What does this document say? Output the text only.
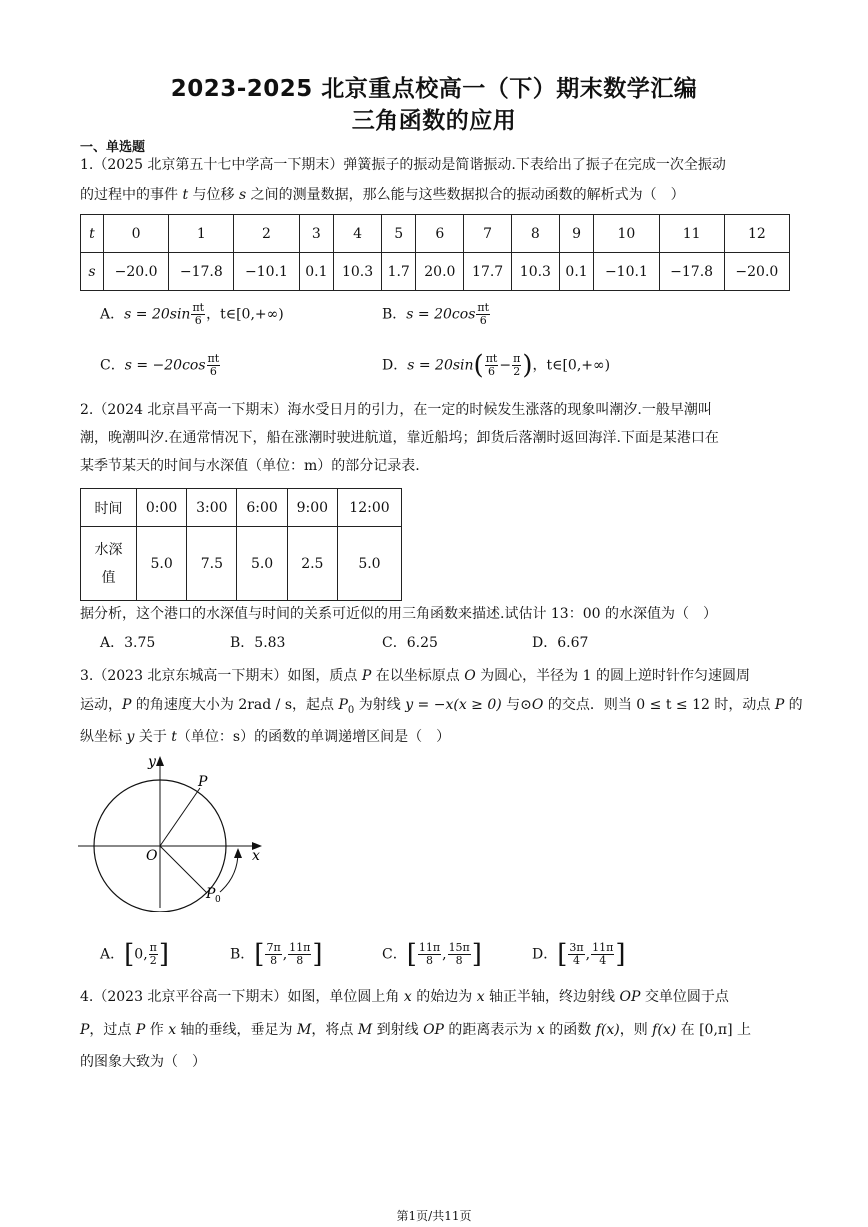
2023-2025 北京重点校高一（下）期末数学汇编
三角函数的应用
一、单选题
1.（2025 北京第五十七中学高一下期末）弹簧振子的振动是简谐振动.下表给出了振子在完成一次全振动
的过程中的事件 t 与位移 s 之间的测量数据，那么能与这些数据拟合的振动函数的解析式为（　）
t	0	1	2	3	4	5	6	7	8	9	10	11	12
s	−20.0	−17.8	−10.1	0.1	10.3	1.7	20.0	17.7	10.3	0.1	−10.1	−17.8	−20.0
A．$s = 20\sin \frac{\pi t}{6}$ ，t∈[0,+∞)	B．$s = 20\cos \frac{\pi t}{6}$
C．$s = -20\cos \frac{\pi t}{6}$	D．$s = 20\sin( \frac{\pi t}{6} - \frac{\pi}{2}$ )，t∈[0,+∞)
2.（2024 北京昌平高一下期末）海水受日月的引力，在一定的时候发生涨落的现象叫潮汐.一般早潮叫
潮，晚潮叫汐.在通常情况下，船在涨潮时驶进航道，靠近船坞；卸货后落潮时返回海洋.下面是某港口在
某季节某天的时间与水深值（单位：m）的部分记录表.
时间	0:00	3:00	6:00	9:00	12:00
水深
值	5.0	7.5	5.0	2.5	5.0
据分析，这个港口的水深值与时间的关系可近似的用三角函数来描述.试估计 13：00 的水深值为（　）
A．3.75	B．5.83	C．6.25	D．6.67
3.（2023 北京东城高一下期末）如图，质点 P 在以坐标原点 O 为圆心，半径为 1 的圆上逆时针作匀速圆周
运动，P 的角速度大小为 2rad / s，起点 $P_0$ 为射线 y = −x(x ≥ 0) 与⊙O 的交点．则当 0 ≤ t ≤ 12 时，动点 P 的
纵坐标 y 关于 t（单位：s）的函数的单调递增区间是（　）
y
x
O
P
P 0
A．[0, $\frac{\pi}{2}$ ]	B．[ $\frac{7\pi}{8}$ , $\frac{11\pi}{8}$ ]	C．[ $\frac{11\pi}{8}$ , $\frac{15\pi}{8}$ ]	D．[ $\frac{3\pi}{4}$ , $\frac{11\pi}{4}$ ]
4.（2023 北京平谷高一下期末）如图，单位圆上角 x 的始边为 x 轴正半轴，终边射线 OP 交单位圆于点
P，过点 P 作 x 轴的垂线，垂足为 M，将点 M 到射线 OP 的距离表示为 x 的函数 f(x)，则 f(x) 在 [0,π] 上
的图象大致为（　）
第1页/共11页
